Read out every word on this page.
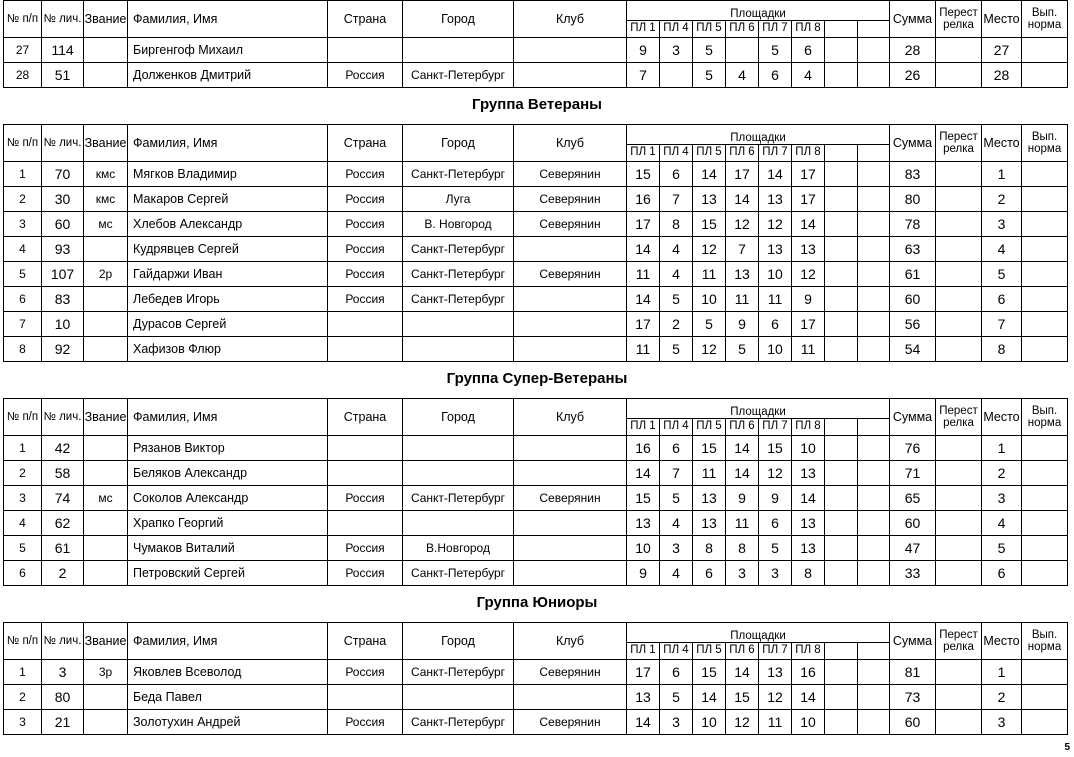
№ п/п	№ лич.	Звание	Фамилия, Имя	Страна	Город	Клуб	Площадки								Сумма	Перест релка	Место	Вып. норма
							ПЛ 1	ПЛ 4	ПЛ 5	ПЛ 6	ПЛ 7	ПЛ 8						
27	114		Биргенгоф Михаил				9	3	5		5	6			28		27	
28	51		Долженков Дмитрий	Россия	Санкт-Петербург		7		5	4	6	4			26		28	
Группа Ветераны
№ п/п	№ лич.	Звание	Фамилия, Имя	Страна	Город	Клуб	Площадки								Сумма	Перест релка	Место	Вып. норма
							ПЛ 1	ПЛ 4	ПЛ 5	ПЛ 6	ПЛ 7	ПЛ 8						
1	70	кмс	Мягков Владимир	Россия	Санкт-Петербург	Северянин	15	6	14	17	14	17			83		1	
2	30	кмс	Макаров Сергей	Россия	Луга	Северянин	16	7	13	14	13	17			80		2	
3	60	мс	Хлебов Александр	Россия	В. Новгород	Северянин	17	8	15	12	12	14			78		3	
4	93		Кудрявцев Сергей	Россия	Санкт-Петербург		14	4	12	7	13	13			63		4	
5	107	2р	Гайдаржи Иван	Россия	Санкт-Петербург	Северянин	11	4	11	13	10	12			61		5	
6	83		Лебедев Игорь	Россия	Санкт-Петербург		14	5	10	11	11	9			60		6	
7	10		Дурасов Сергей				17	2	5	9	6	17			56		7	
8	92		Хафизов Флюр				11	5	12	5	10	11			54		8	
Группа Супер-Ветераны
№ п/п	№ лич.	Звание	Фамилия, Имя	Страна	Город	Клуб	Площадки								Сумма	Перест релка	Место	Вып. норма
							ПЛ 1	ПЛ 4	ПЛ 5	ПЛ 6	ПЛ 7	ПЛ 8						
1	42		Рязанов Виктор				16	6	15	14	15	10			76		1	
2	58		Беляков Александр				14	7	11	14	12	13			71		2	
3	74	мс	Соколов Александр	Россия	Санкт-Петербург	Северянин	15	5	13	9	9	14			65		3	
4	62		Храпко Георгий				13	4	13	11	6	13			60		4	
5	61		Чумаков Виталий	Россия	В.Новгород		10	3	8	8	5	13			47		5	
6	2		Петровский Сергей	Россия	Санкт-Петербург		9	4	6	3	3	8			33		6	
Группа Юниоры
№ п/п	№ лич.	Звание	Фамилия, Имя	Страна	Город	Клуб	Площадки								Сумма	Перест релка	Место	Вып. норма
							ПЛ 1	ПЛ 4	ПЛ 5	ПЛ 6	ПЛ 7	ПЛ 8						
1	3	3р	Яковлев Всеволод	Россия	Санкт-Петербург	Северянин	17	6	15	14	13	16			81		1	
2	80		Беда Павел				13	5	14	15	12	14			73		2	
3	21		Золотухин Андрей	Россия	Санкт-Петербург	Северянин	14	3	10	12	11	10			60		3	
5
